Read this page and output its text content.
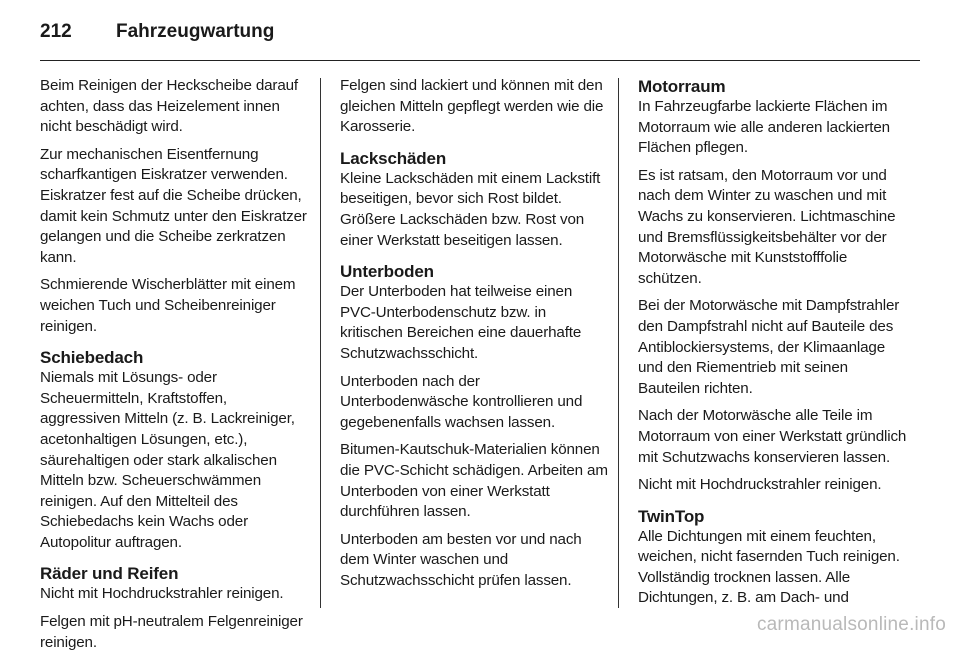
212	Fahrzeugwartung

Beim Reinigen der Heckscheibe darauf achten, dass das Heizelement innen nicht beschädigt wird.

Zur mechanischen Eisentfernung scharfkantigen Eiskratzer verwenden. Eiskratzer fest auf die Scheibe drücken, damit kein Schmutz unter den Eiskratzer gelangen und die Scheibe zerkratzen kann.

Schmierende Wischerblätter mit einem weichen Tuch und Scheibenreiniger reinigen.

Schiebedach

Niemals mit Lösungs- oder Scheuermitteln, Kraftstoffen, aggressiven Mitteln (z. B. Lackreiniger, acetonhaltigen Lösungen, etc.), säurehaltigen oder stark alkalischen Mitteln bzw. Scheuerschwämmen reinigen. Auf den Mittelteil des Schiebedachs kein Wachs oder Autopolitur auftragen.

Räder und Reifen

Nicht mit Hochdruckstrahler reinigen.

Felgen mit pH-neutralem Felgenreiniger reinigen.

Felgen sind lackiert und können mit den gleichen Mitteln gepflegt werden wie die Karosserie.

Lackschäden

Kleine Lackschäden mit einem Lackstift beseitigen, bevor sich Rost bildet. Größere Lackschäden bzw. Rost von einer Werkstatt beseitigen lassen.

Unterboden

Der Unterboden hat teilweise einen PVC-Unterbodenschutz bzw. in kritischen Bereichen eine dauerhafte Schutzwachsschicht.

Unterboden nach der Unterbodenwäsche kontrollieren und gegebenenfalls wachsen lassen.

Bitumen-Kautschuk-Materialien können die PVC-Schicht schädigen. Arbeiten am Unterboden von einer Werkstatt durchführen lassen.

Unterboden am besten vor und nach dem Winter waschen und Schutzwachsschicht prüfen lassen.

Motorraum

In Fahrzeugfarbe lackierte Flächen im Motorraum wie alle anderen lackierten Flächen pflegen.

Es ist ratsam, den Motorraum vor und nach dem Winter zu waschen und mit Wachs zu konservieren. Lichtmaschine und Bremsflüssigkeitsbehälter vor der Motorwäsche mit Kunststofffolie schützen.

Bei der Motorwäsche mit Dampfstrahler den Dampfstrahl nicht auf Bauteile des Antiblockiersystems, der Klimaanlage und den Riementrieb mit seinen Bauteilen richten.

Nach der Motorwäsche alle Teile im Motorraum von einer Werkstatt gründlich mit Schutzwachs konservieren lassen.

Nicht mit Hochdruckstrahler reinigen.

TwinTop

Alle Dichtungen mit einem feuchten, weichen, nicht fasernden Tuch reinigen. Vollständig trocknen lassen. Alle Dichtungen, z. B. am Dach- und

carmanualsonline.info
